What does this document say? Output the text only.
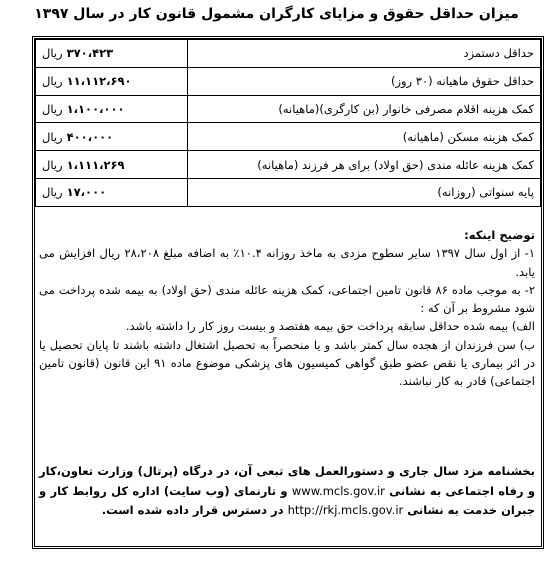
میزان حداقل حقوق و مزایای کارگران مشمول قانون کار در سال ۱۳۹۷
حداقل دستمزد	۳۷۰،۴۲۳ ریال
حداقل حقوق ماهیانه (۳۰ روز)	۱۱،۱۱۲،۶۹۰ ریال
کمک هزینه اقلام مصرفی خانوار (بن کارگری)(ماهیانه)	۱،۱۰۰،۰۰۰ ریال
کمک هزینه مسکن (ماهیانه)	۴۰۰،۰۰۰ ریال
کمک هزینه عائله مندی (حق اولاد) برای هر فرزند (ماهیانه)	۱،۱۱۱،۲۶۹ ریال
پایه سنواتی (روزانه)	۱۷،۰۰۰ ریال

توضیح اینکه:

۱- از اول سال ۱۳۹۷ سایر سطوح مزدی به ماخذ روزانه ۱۰.۴٪ به اضافه مبلغ ۲۸،۲۰۸ ریال افزایش می یابد.

۲- به موجب ماده ۸۶ قانون تامین اجتماعی، کمک هزینه عائله مندی (حق اولاد) به بیمه شده پرداخت می شود مشروط بر آن که :

الف) بیمه شده حداقل سابقه پرداخت حق بیمه هفتصد و بیست روز کار را داشته باشد.

ب) سن فرزندان از هجده سال کمتر باشد و یا منحصراً به تحصیل اشتغال داشته باشند تا پایان تحصیل یا در اثر بیماری یا نقص عضو طبق گواهی کمیسیون های پزشکی موضوع ماده ۹۱ این قانون (قانون تامین اجتماعی) قادر به کار نباشند.

بخشنامه مزد سال جاری و دستورالعمل های تبعی آن، در درگاه (پرتال) وزارت تعاون،کار و رفاه اجتماعی به نشانی www.mcls.gov.ir و تارنمای (وب سایت) اداره کل روابط کار و جبران خدمت به نشانی http://rkj.mcls.gov.ir در دسترس قرار داده شده است.
